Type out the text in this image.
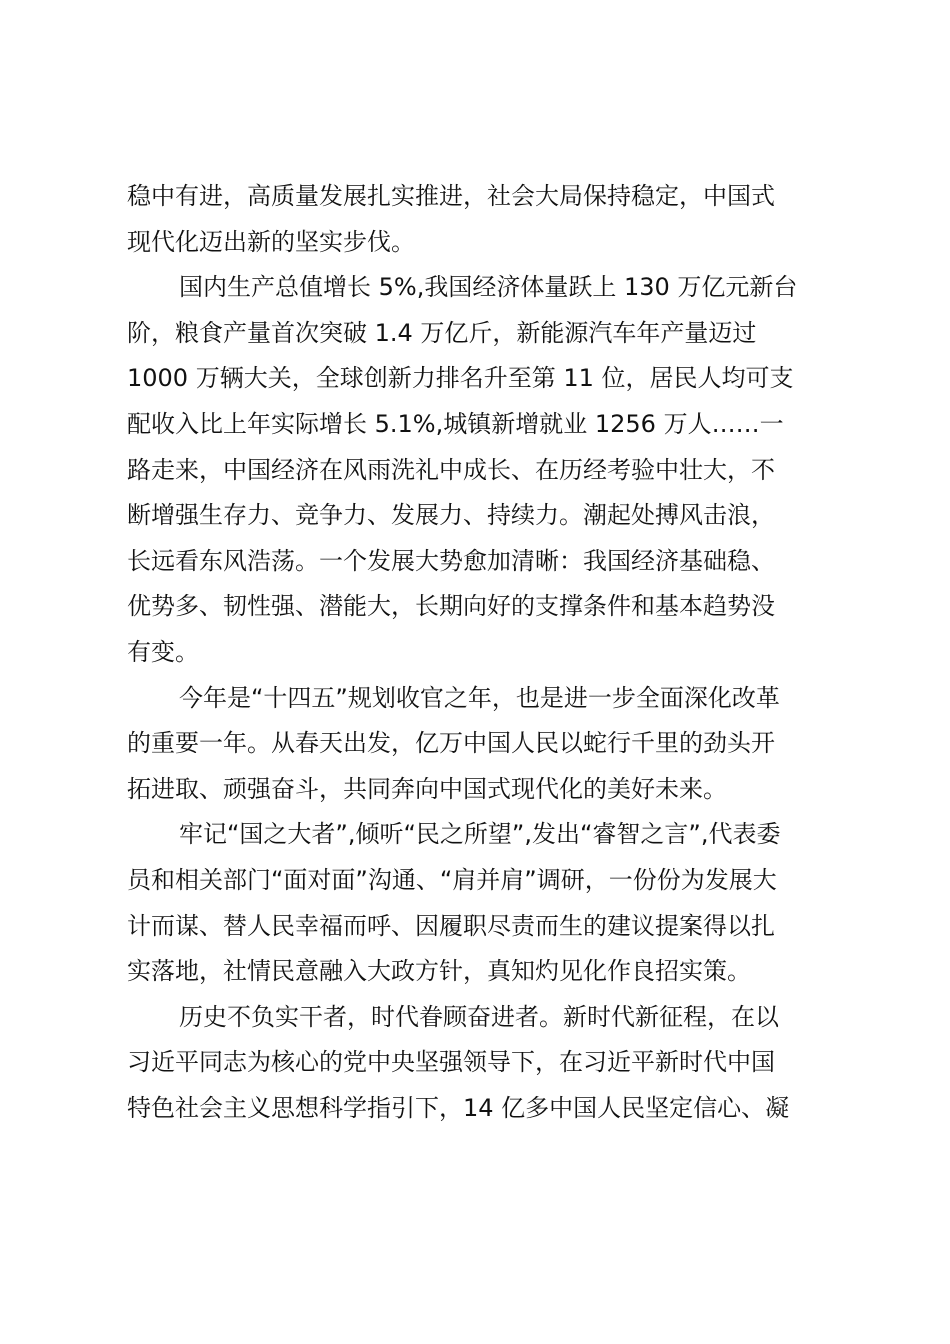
稳中有进，高质量发展扎实推进，社会大局保持稳定，中国式
现代化迈出新的坚实步伐。
国内生产总值增长 5%,我国经济体量跃上 130 万亿元新台
阶，粮食产量首次突破 1.4 万亿斤，新能源汽车年产量迈过
1000 万辆大关，全球创新力排名升至第 11 位，居民人均可支
配收入比上年实际增长 5.1%,城镇新增就业 1256 万人……一
路走来，中国经济在风雨洗礼中成长、在历经考验中壮大，不
断增强生存力、竞争力、发展力、持续力。潮起处搏风击浪，
长远看东风浩荡。一个发展大势愈加清晰：我国经济基础稳、
优势多、韧性强、潜能大，长期向好的支撑条件和基本趋势没
有变。
今年是“十四五”规划收官之年，也是进一步全面深化改革
的重要一年。从春天出发，亿万中国人民以蛇行千里的劲头开
拓进取、顽强奋斗，共同奔向中国式现代化的美好未来。
牢记“国之大者”,倾听“民之所望”,发出“睿智之言”,代表委
员和相关部门“面对面”沟通、“肩并肩”调研，一份份为发展大
计而谋、替人民幸福而呼、因履职尽责而生的建议提案得以扎
实落地，社情民意融入大政方针，真知灼见化作良招实策。
历史不负实干者，时代眷顾奋进者。新时代新征程，在以
习近平同志为核心的党中央坚强领导下，在习近平新时代中国
特色社会主义思想科学指引下，14 亿多中国人民坚定信心、凝
